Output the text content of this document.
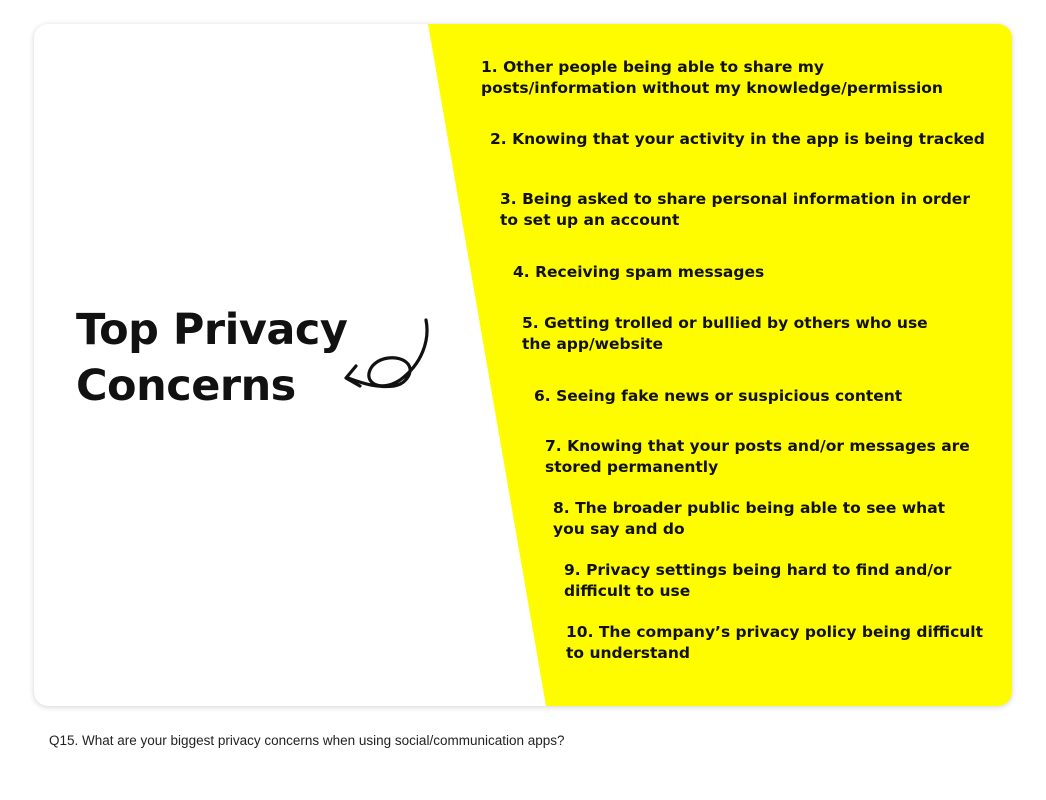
Top Privacy
Concerns

1. Other people being able to share my posts/information without my knowledge/permission

2. Knowing that your activity in the app is being tracked

3. Being asked to share personal information in order to set up an account

4. Receiving spam messages

5. Getting trolled or bullied by others who use the app/website

6. Seeing fake news or suspicious content

7. Knowing that your posts and/or messages are stored permanently

8. The broader public being able to see what you say and do

9. Privacy settings being hard to find and/or difficult to use

10. The company’s privacy policy being difficult to understand

Q15. What are your biggest privacy concerns when using social/communication apps?
